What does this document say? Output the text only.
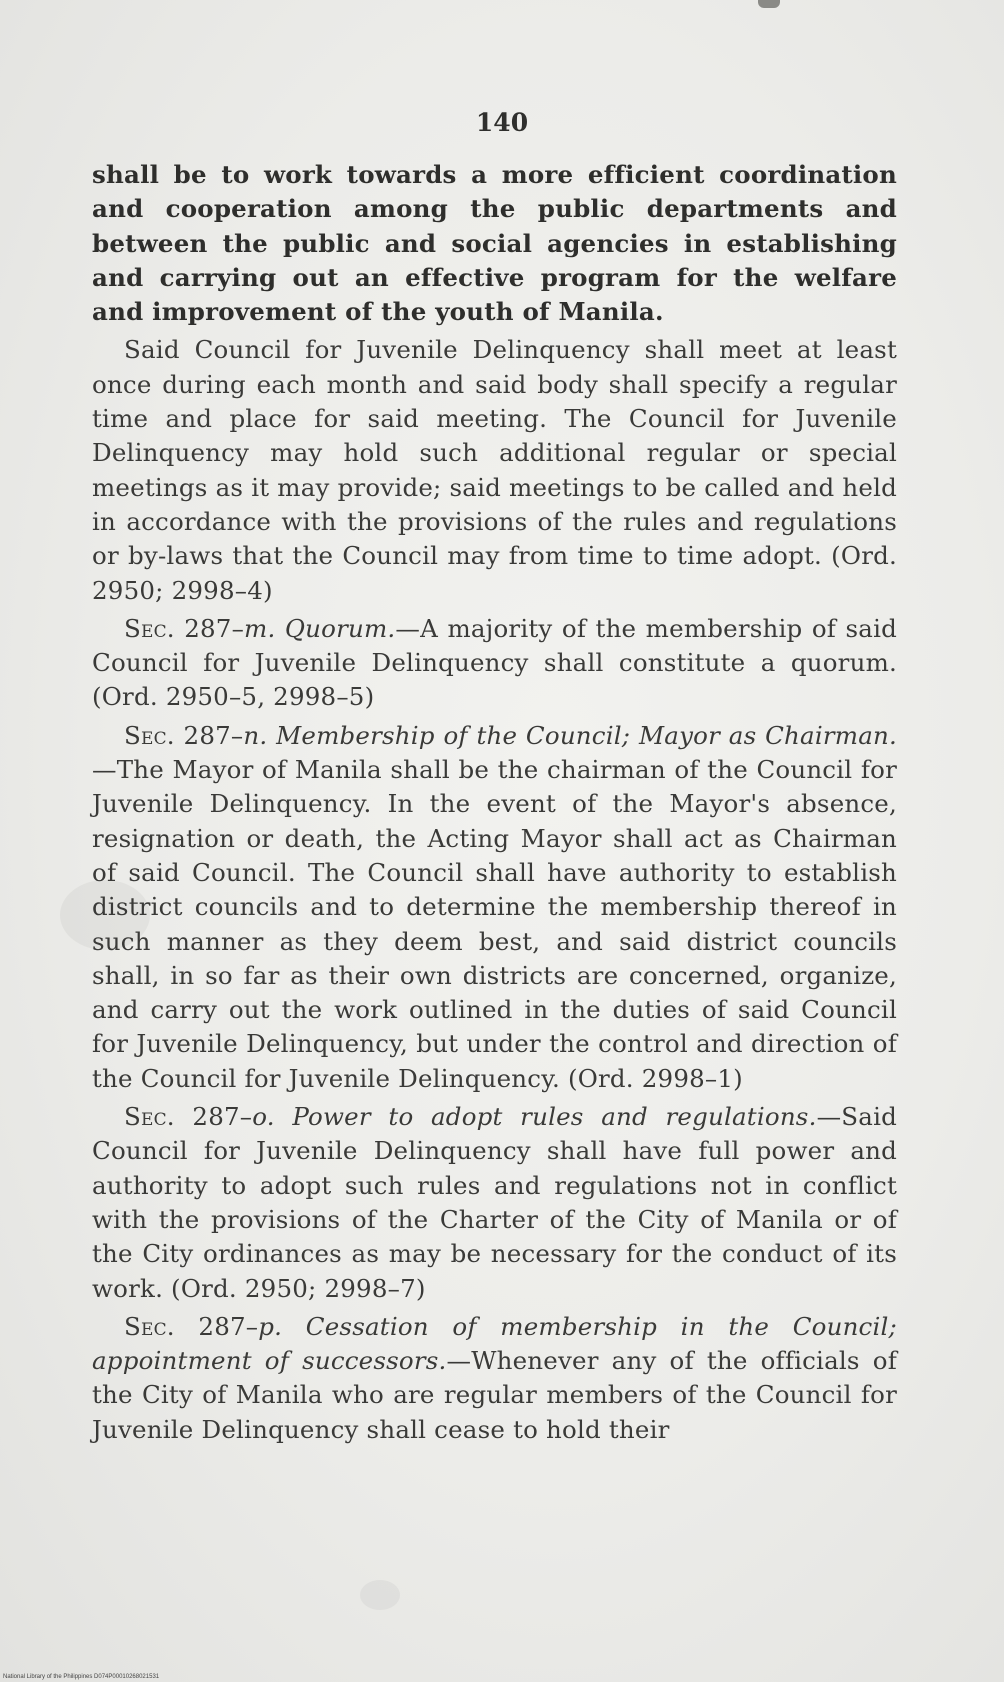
140

shall be to work towards a more efficient coordination and cooperation among the public departments and between the public and social agencies in establishing and carrying out an effective program for the welfare and improvement of the youth of Manila.

Said Council for Juvenile Delinquency shall meet at least once during each month and said body shall specify a regular time and place for said meeting. The Council for Juvenile Delinquency may hold such additional regular or special meetings as it may provide; said meetings to be called and held in accordance with the provisions of the rules and regulations or by-laws that the Council may from time to time adopt. (Ord. 2950; 2998–4)

Sec. 287–m. Quorum.—A majority of the membership of said Council for Juvenile Delinquency shall constitute a quorum. (Ord. 2950–5, 2998–5)

Sec. 287–n. Membership of the Council; Mayor as Chairman.—The Mayor of Manila shall be the chairman of the Council for Juvenile Delinquency. In the event of the Mayor's absence, resignation or death, the Acting Mayor shall act as Chairman of said Council. The Council shall have authority to establish district councils and to determine the membership thereof in such manner as they deem best, and said district councils shall, in so far as their own districts are concerned, organize, and carry out the work outlined in the duties of said Council for Juvenile Delinquency, but under the control and direction of the Council for Juvenile Delinquency. (Ord. 2998–1)

Sec. 287–o. Power to adopt rules and regulations.—Said Council for Juvenile Delinquency shall have full power and authority to adopt such rules and regulations not in conflict with the provisions of the Charter of the City of Manila or of the City ordinances as may be necessary for the conduct of its work. (Ord. 2950; 2998–7)

Sec. 287–p. Cessation of membership in the Council; appointment of successors.—Whenever any of the officials of the City of Manila who are regular members of the Council for Juvenile Delinquency shall cease to hold their

National Library of the Philippines D074P00010268021531
